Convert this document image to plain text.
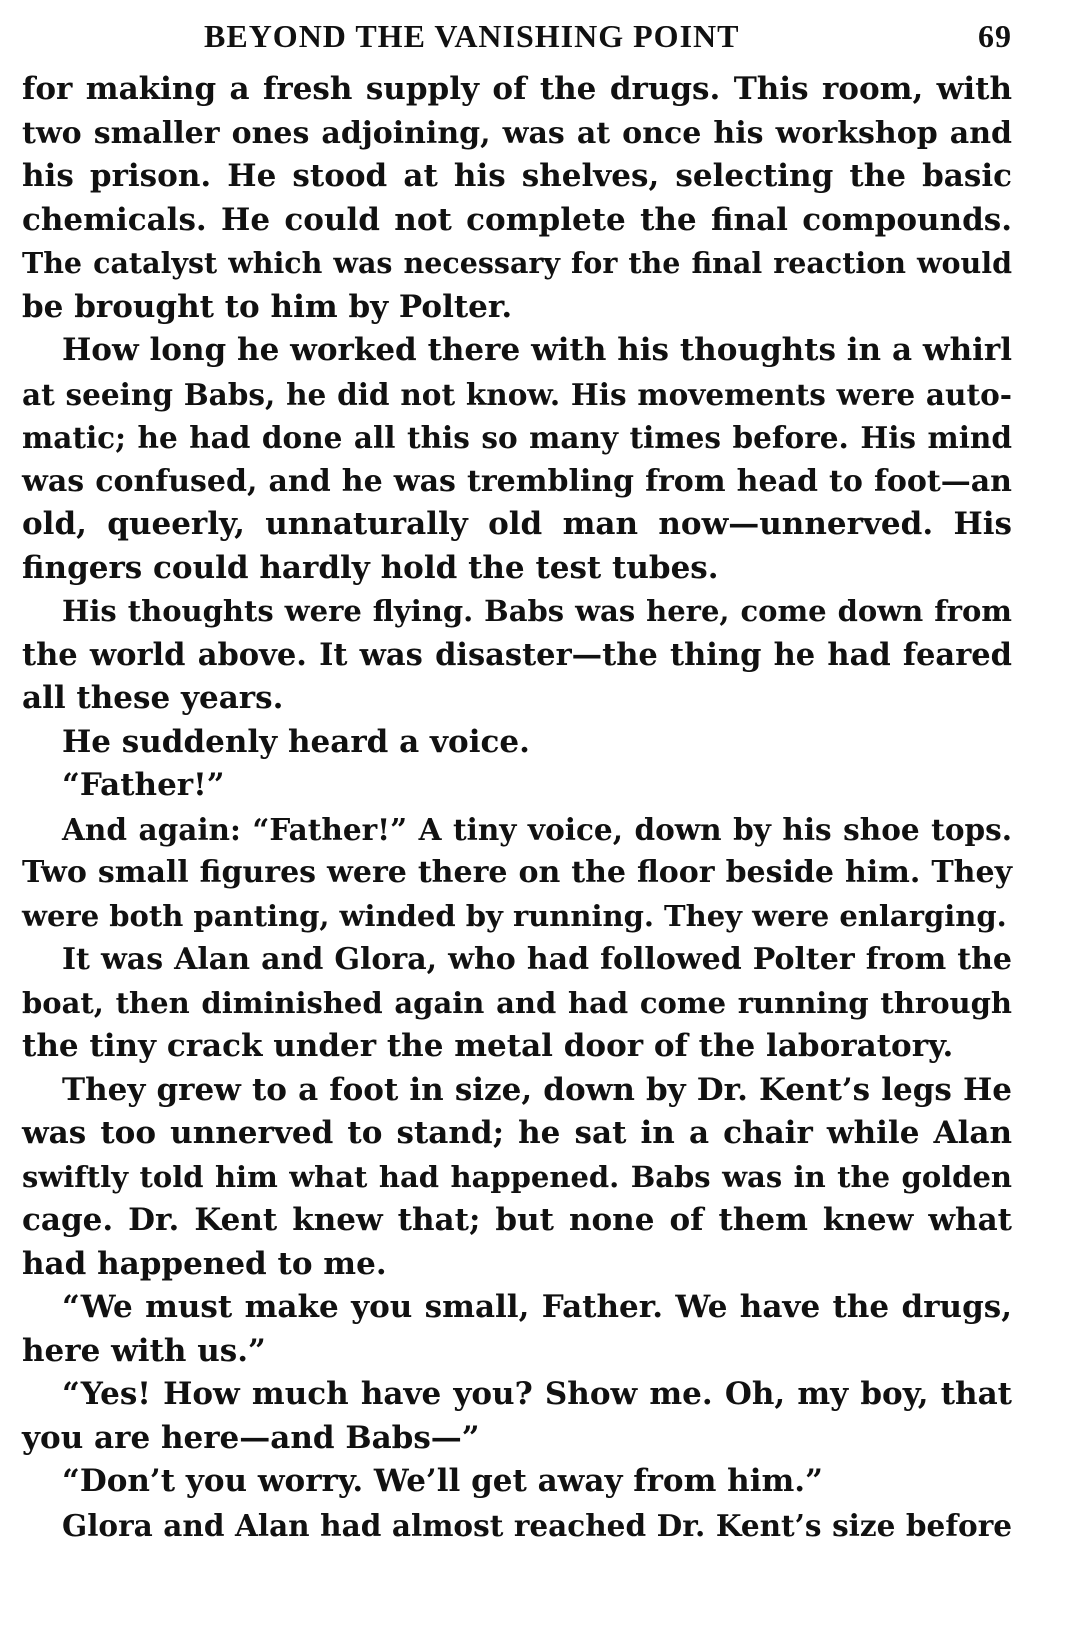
BEYOND THE VANISHING POINT	69

for making a fresh supply of the drugs. This room, with

two smaller ones adjoining, was at once his workshop and

his prison. He stood at his shelves, selecting the basic

chemicals. He could not complete the final compounds.

The catalyst which was necessary for the final reaction would

be brought to him by Polter.

How long he worked there with his thoughts in a whirl

at seeing Babs, he did not know. His movements were auto-

matic; he had done all this so many times before. His mind

was confused, and he was trembling from head to foot—an

old, queerly, unnaturally old man now—unnerved. His

fingers could hardly hold the test tubes.

His thoughts were flying. Babs was here, come down from

the world above. It was disaster—the thing he had feared

all these years.

He suddenly heard a voice.

“Father!”

And again: “Father!” A tiny voice, down by his shoe tops.

Two small figures were there on the floor beside him. They

were both panting, winded by running. They were enlarging.

It was Alan and Glora, who had followed Polter from the

boat, then diminished again and had come running through

the tiny crack under the metal door of the laboratory.

They grew to a foot in size, down by Dr. Kent’s legs He

was too unnerved to stand; he sat in a chair while Alan

swiftly told him what had happened. Babs was in the golden

cage. Dr. Kent knew that; but none of them knew what

had happened to me.

“We must make you small, Father. We have the drugs,

here with us.”

“Yes! How much have you? Show me. Oh, my boy, that

you are here—and Babs—”

“Don’t you worry. We’ll get away from him.”

Glora and Alan had almost reached Dr. Kent’s size before
